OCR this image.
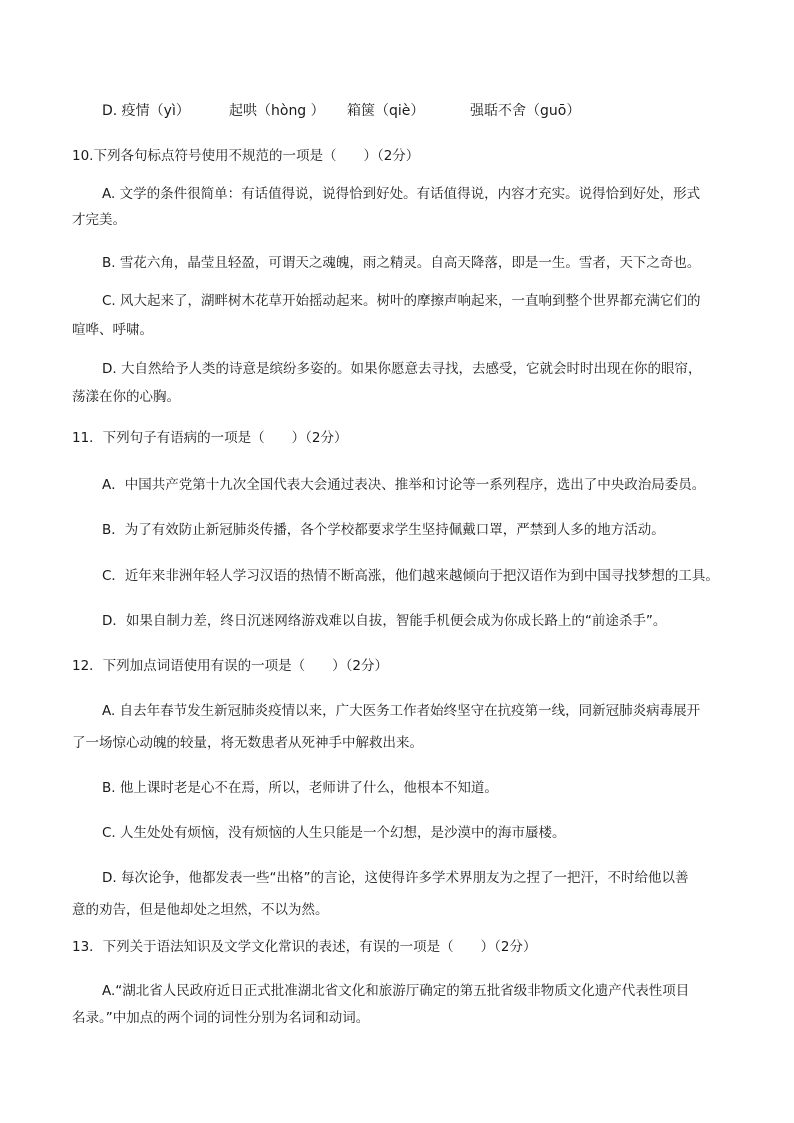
D. 疫情（yì）	起哄（hòng ） 箱箧（qiè）	强聒不舍（guō）
10.下列各句标点符号使用不规范的一项是（　　）（2分）
A. 文学的条件很简单：有话值得说，说得恰到好处。有话值得说，内容才充实。说得恰到好处，形式
才完美。
B. 雪花六角，晶莹且轻盈，可谓天之魂魄，雨之精灵。自高天降落，即是一生。雪者，天下之奇也。
C. 风大起来了，湖畔树木花草开始摇动起来。树叶的摩擦声响起来，一直响到整个世界都充满它们的
喧哗、呼啸。
D. 大自然给予人类的诗意是缤纷多姿的。如果你愿意去寻找，去感受，它就会时时出现在你的眼帘，
荡漾在你的心胸。
11．下列句子有语病的一项是（　　）（2分）
A．中国共产党第十九次全国代表大会通过表决、推举和讨论等一系列程序，选出了中央政治局委员。
B．为了有效防止新冠肺炎传播，各个学校都要求学生坚持佩戴口罩，严禁到人多的地方活动。
C．近年来非洲年轻人学习汉语的热情不断高涨，他们越来越倾向于把汉语作为到中国寻找梦想的工具。
D．如果自制力差，终日沉迷网络游戏难以自拔，智能手机便会成为你成长路上的“前途杀手”。
12．下列加点词语使用有误的一项是（　　）（2分）
A. 自去年春节发生新冠肺炎疫情以来，广大医务工作者始终坚守在抗疫第一线，同新冠肺炎病毒展开
了一场惊心动魄的较量，将无数患者从死神手中解救出来。
B. 他上课时老是心不在焉，所以，老师讲了什么，他根本不知道。
C. 人生处处有烦恼，没有烦恼的人生只能是一个幻想，是沙漠中的海市蜃楼。
D. 每次论争，他都发表一些“出格”的言论，这使得许多学术界朋友为之捏了一把汗，不时给他以善
意的劝告，但是他却处之坦然，不以为然。
13．下列关于语法知识及文学文化常识的表述，有误的一项是（　　）（2分）
A.“湖北省人民政府近日正式批准湖北省文化和旅游厅确定的第五批省级非物质文化遗产代表性项目
名录。”中加点的两个词的词性分别为名词和动词。
